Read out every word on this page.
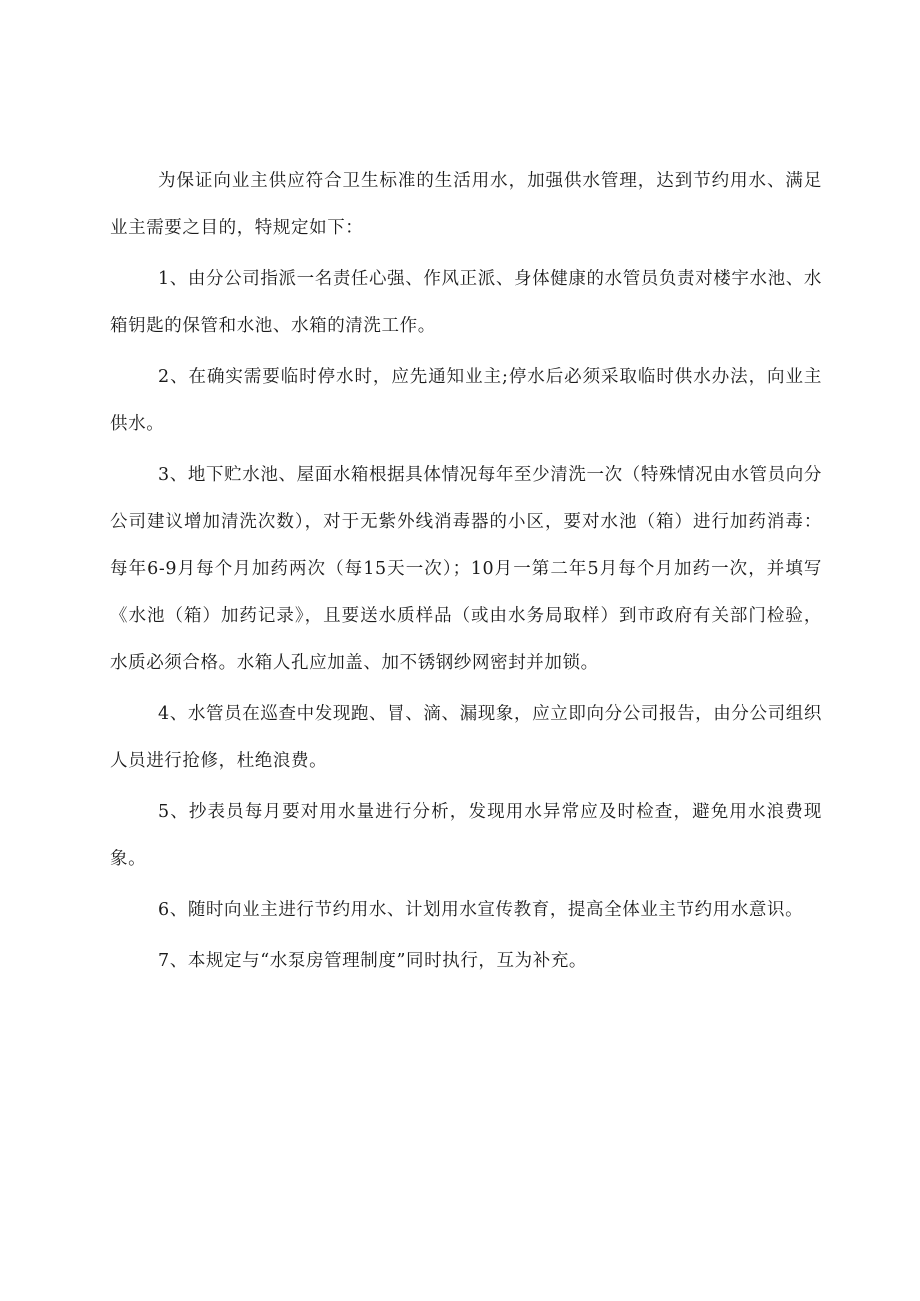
为保证向业主供应符合卫生标准的生活用水，加强供水管理，达到节约用水、满足业主需要之目的，特规定如下：

1、由分公司指派一名责任心强、作风正派、身体健康的水管员负责对楼宇水池、水箱钥匙的保管和水池、水箱的清洗工作。

2、在确实需要临时停水时，应先通知业主;停水后必须采取临时供水办法，向业主供水。

3、地下贮水池、屋面水箱根据具体情况每年至少清洗一次（特殊情况由水管员向分公司建议增加清洗次数），对于无紫外线消毒器的小区，要对水池（箱）进行加药消毒：每年6-9月每个月加药两次（每15天一次）；10月一第二年5月每个月加药一次，并填写《水池（箱）加药记录》，且要送水质样品（或由水务局取样）到市政府有关部门检验，水质必须合格。水箱人孔应加盖、加不锈钢纱网密封并加锁。

4、水管员在巡查中发现跑、冒、滴、漏现象，应立即向分公司报告，由分公司组织人员进行抢修，杜绝浪费。

5、抄表员每月要对用水量进行分析，发现用水异常应及时检查，避免用水浪费现象。

6、随时向业主进行节约用水、计划用水宣传教育，提高全体业主节约用水意识。

7、本规定与“水泵房管理制度”同时执行，互为补充。
